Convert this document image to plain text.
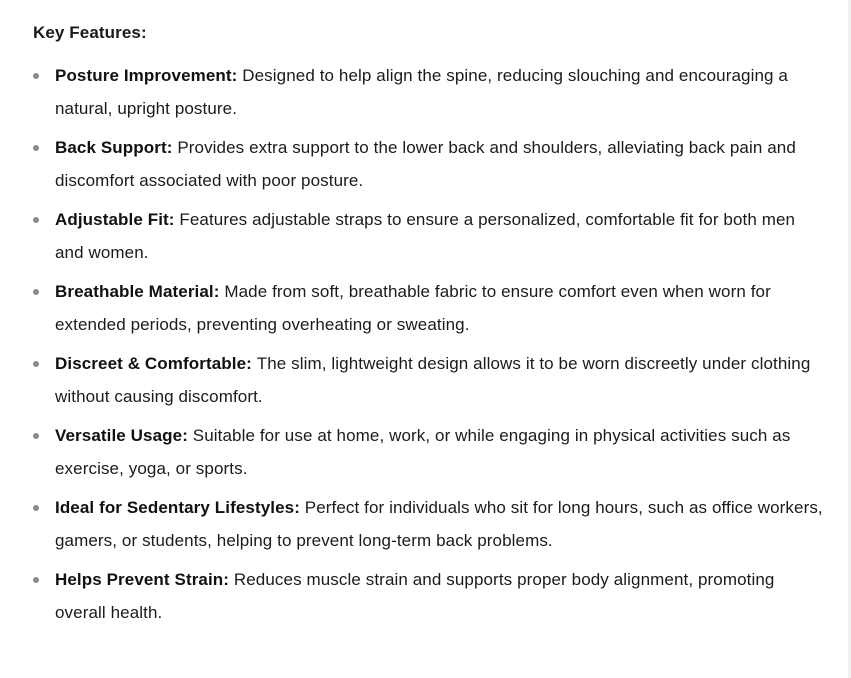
Key Features:
Posture Improvement: Designed to help align the spine, reducing slouching and encouraging a natural, upright posture.
Back Support: Provides extra support to the lower back and shoulders, alleviating back pain and discomfort associated with poor posture.
Adjustable Fit: Features adjustable straps to ensure a personalized, comfortable fit for both men and women.
Breathable Material: Made from soft, breathable fabric to ensure comfort even when worn for extended periods, preventing overheating or sweating.
Discreet & Comfortable: The slim, lightweight design allows it to be worn discreetly under clothing without causing discomfort.
Versatile Usage: Suitable for use at home, work, or while engaging in physical activities such as exercise, yoga, or sports.
Ideal for Sedentary Lifestyles: Perfect for individuals who sit for long hours, such as office workers, gamers, or students, helping to prevent long-term back problems.
Helps Prevent Strain: Reduces muscle strain and supports proper body alignment, promoting overall health.
